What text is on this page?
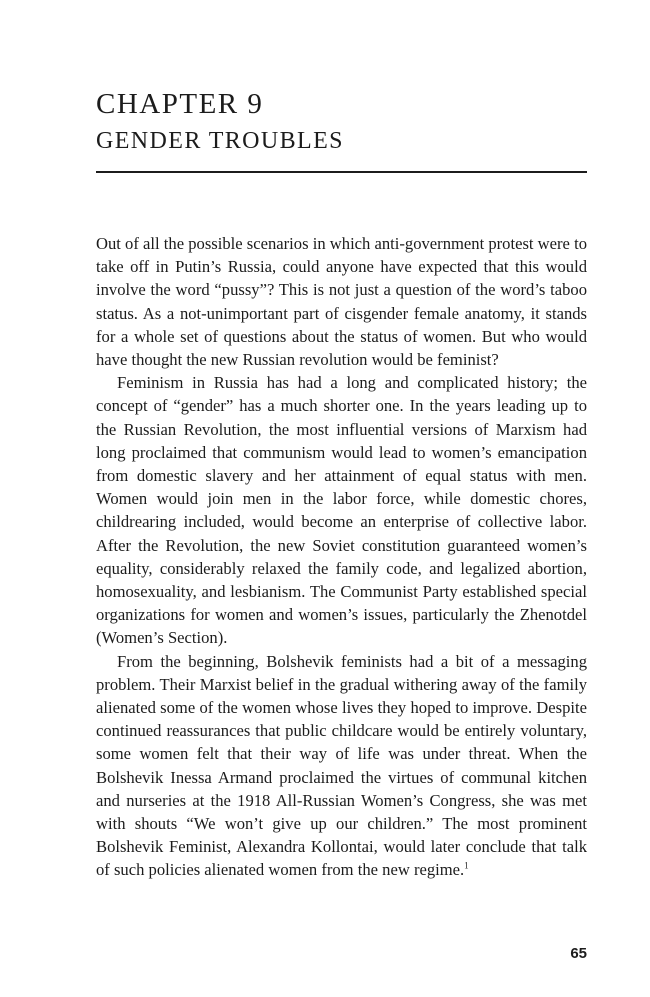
CHAPTER 9
GENDER TROUBLES

Out of all the possible scenarios in which anti-government protest were to take off in Putin’s Russia, could anyone have expected that this would involve the word “pussy”? This is not just a question of the word’s taboo status. As a not-unimportant part of cisgender female anatomy, it stands for a whole set of questions about the status of women. But who would have thought the new Russian revolution would be feminist?

Feminism in Russia has had a long and complicated history; the concept of “gender” has a much shorter one. In the years leading up to the Russian Revolution, the most influential versions of Marxism had long proclaimed that communism would lead to women’s emancipation from domestic slavery and her attainment of equal status with men. Women would join men in the labor force, while domestic chores, childrearing included, would become an enterprise of collective labor. After the Revolution, the new Soviet constitution guaranteed women’s equality, considerably relaxed the family code, and legalized abortion, homosexuality, and lesbianism. The Communist Party established special organizations for women and women’s issues, particularly the Zhenotdel (Women’s Section).

From the beginning, Bolshevik feminists had a bit of a messaging problem. Their Marxist belief in the gradual withering away of the family alienated some of the women whose lives they hoped to improve. Despite continued reassurances that public childcare would be entirely voluntary, some women felt that their way of life was under threat. When the Bolshevik Inessa Armand proclaimed the virtues of communal kitchen and nurseries at the 1918 All-Russian Women’s Congress, she was met with shouts “We won’t give up our children.” The most prominent Bolshevik Feminist, Alexandra Kollontai, would later conclude that talk of such policies alienated women from the new regime.$^1$

65
